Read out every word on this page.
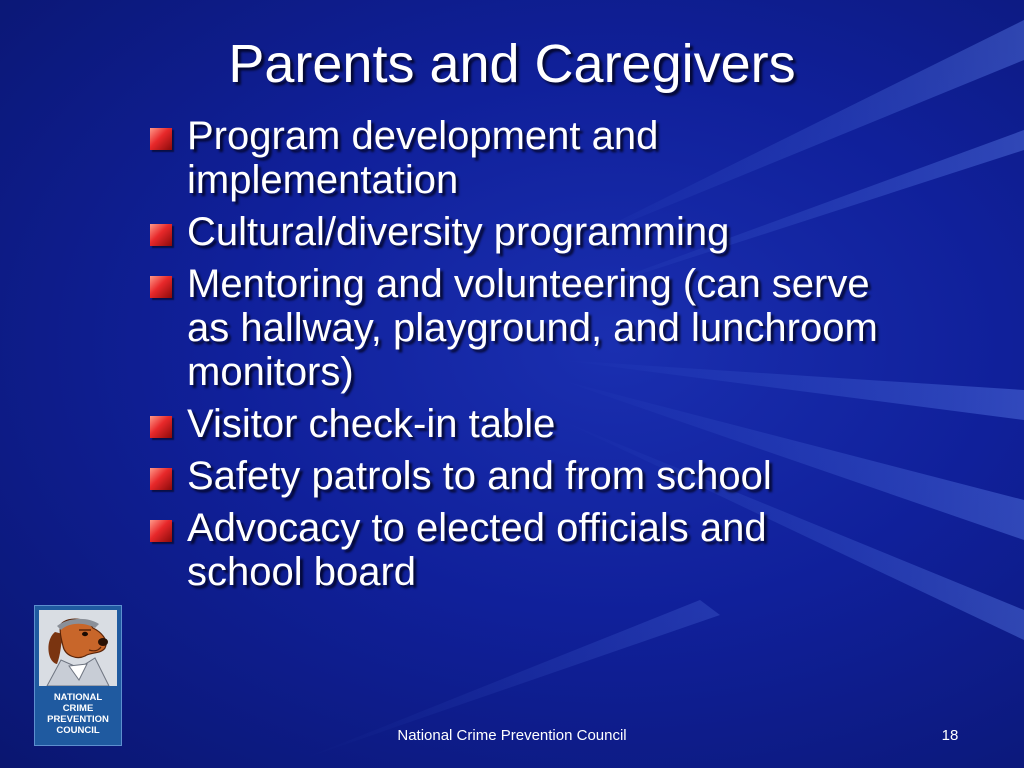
Parents and Caregivers
Program development and implementation
Cultural/diversity programming
Mentoring and volunteering (can serve as hallway, playground, and lunchroom monitors)
Visitor check-in table
Safety patrols to and from school
Advocacy to elected officials and school board
NATIONAL
CRIME
PREVENTION
COUNCIL	National Crime Prevention Council	18
